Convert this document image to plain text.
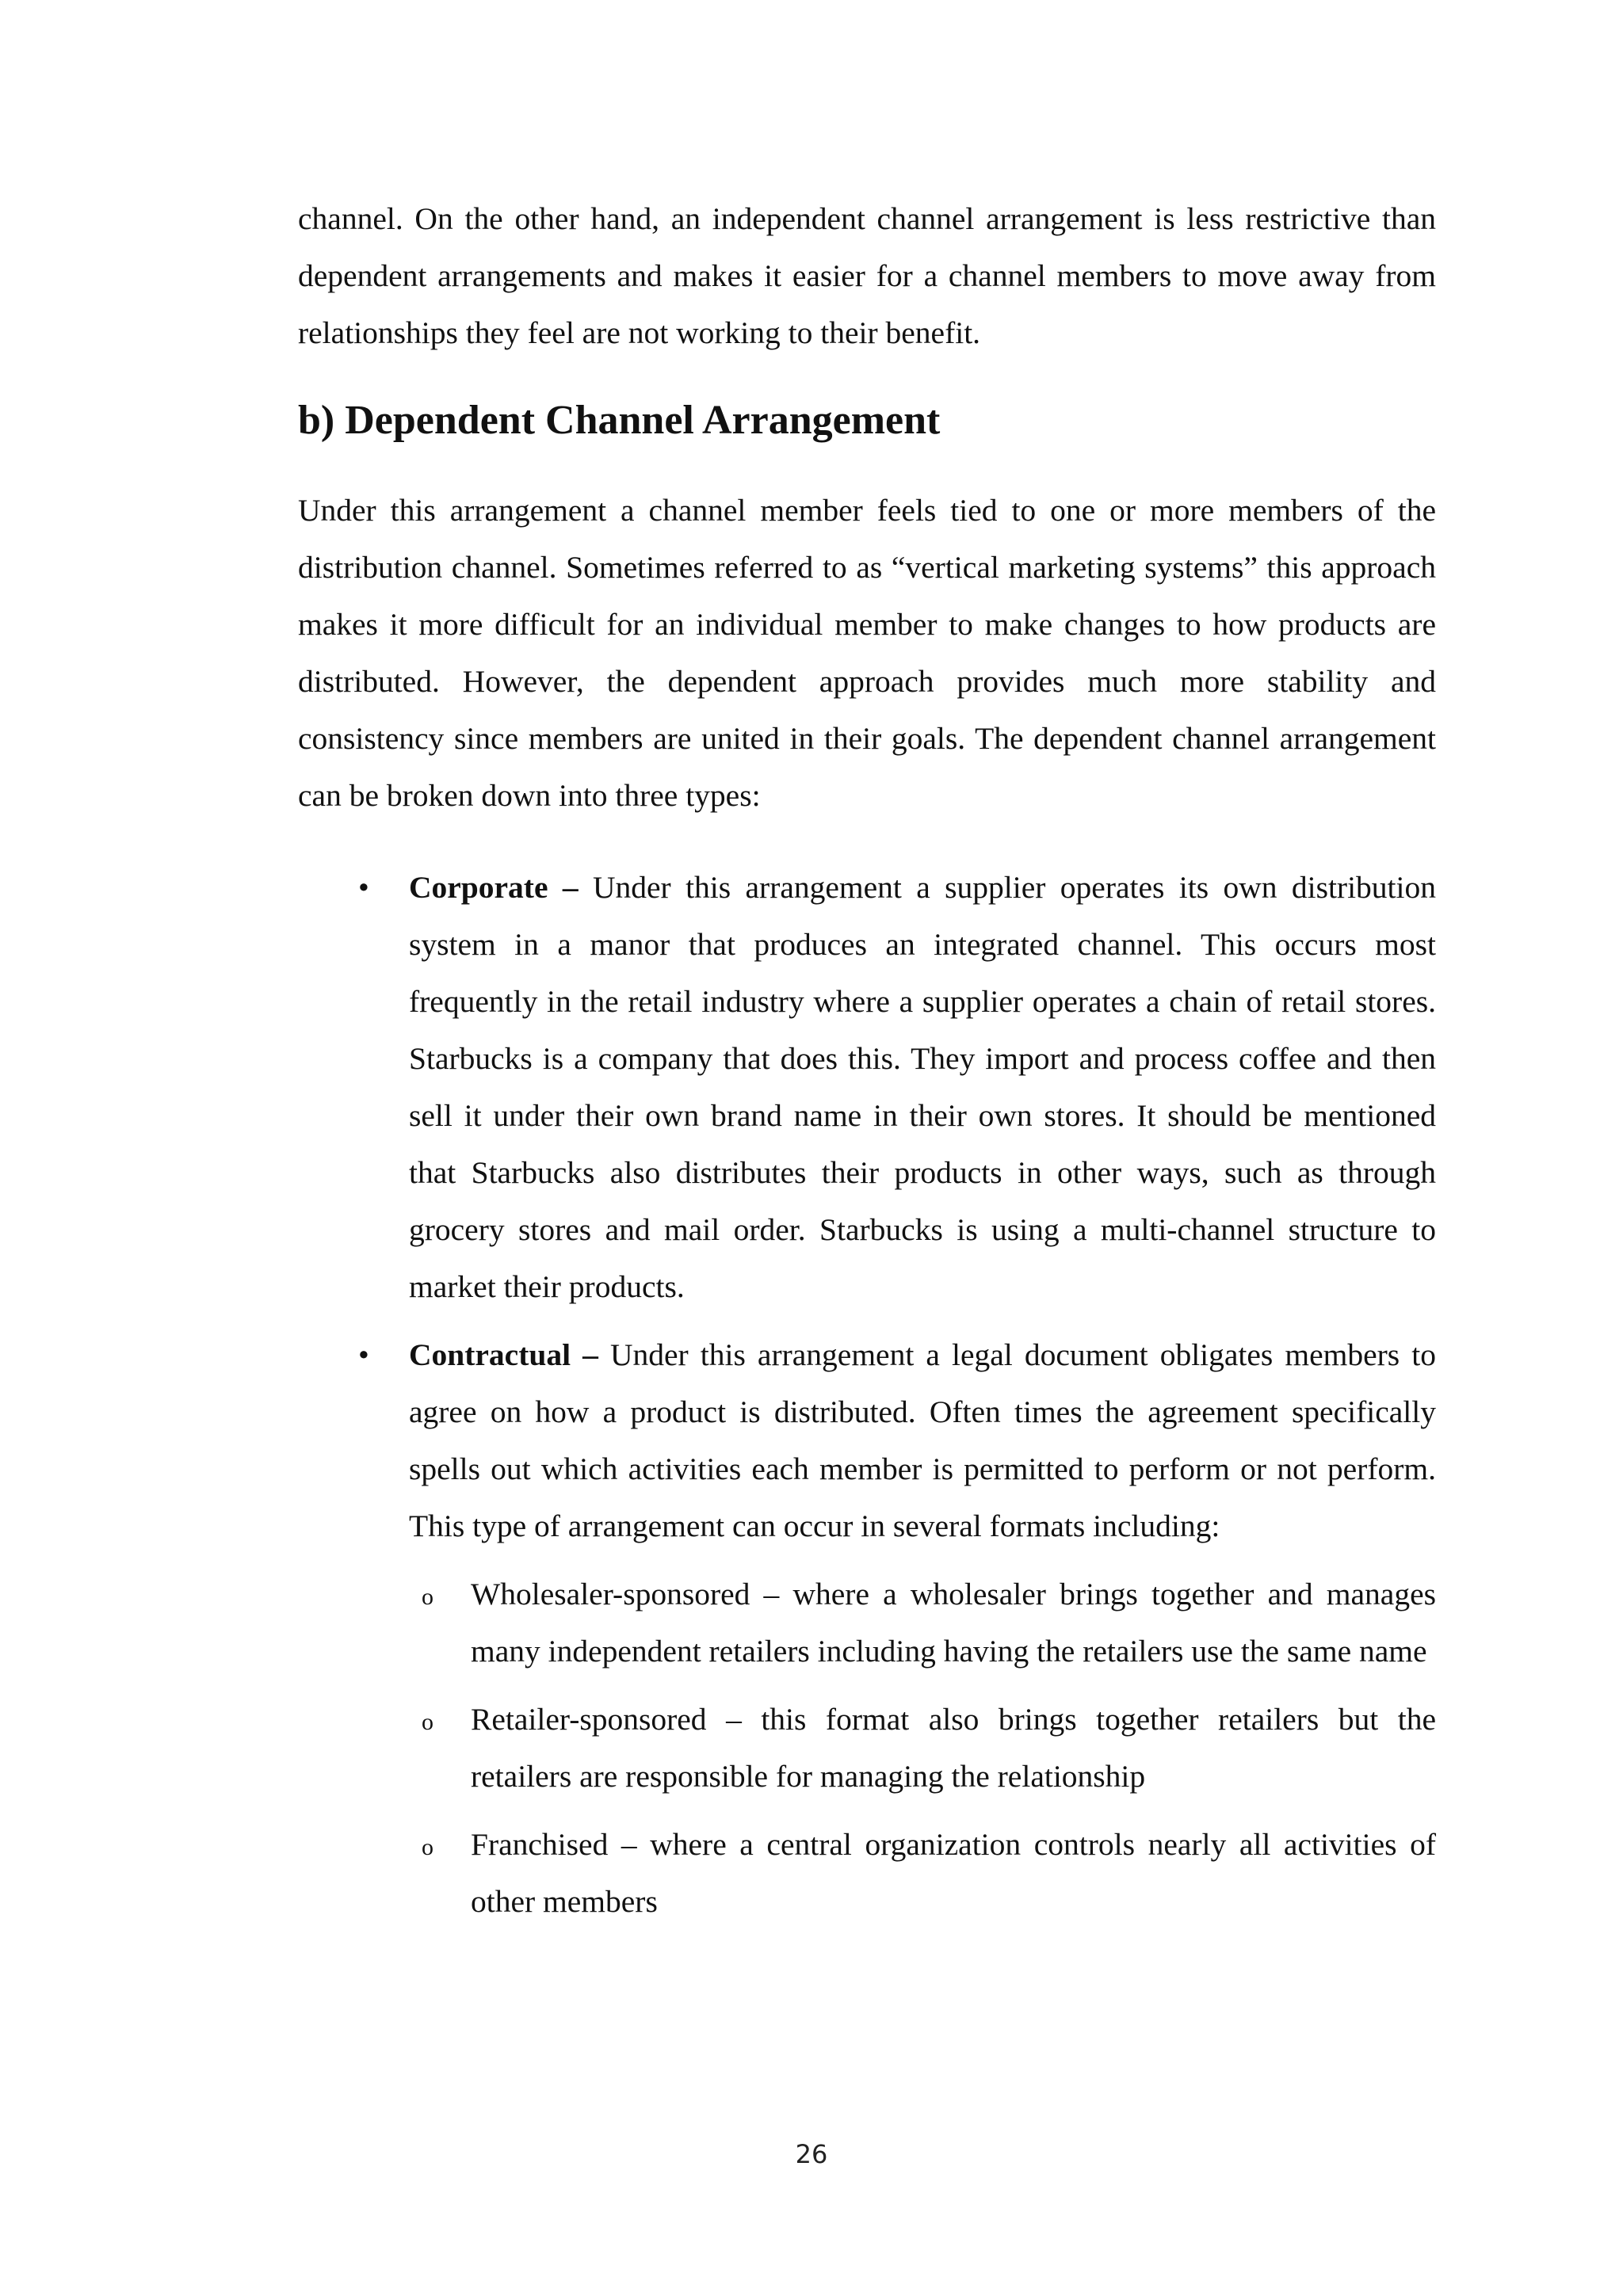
channel. On the other hand, an independent channel arrangement is less restrictive than dependent arrangements and makes it easier for a channel members to move away from relationships they feel are not working to their benefit.

b) Dependent Channel Arrangement

Under this arrangement a channel member feels tied to one or more members of the distribution channel. Sometimes referred to as “vertical marketing systems” this approach makes it more difficult for an individual member to make changes to how products are distributed. However, the dependent approach provides much more stability and consistency since members are united in their goals. The dependent channel arrangement can be broken down into three types:

• Corporate – Under this arrangement a supplier operates its own distribution system in a manor that produces an integrated channel. This occurs most frequently in the retail industry where a supplier operates a chain of retail stores. Starbucks is a company that does this. They import and process coffee and then sell it under their own brand name in their own stores. It should be mentioned that Starbucks also distributes their products in other ways, such as through grocery stores and mail order. Starbucks is using a multi-channel structure to market their products.

• Contractual – Under this arrangement a legal document obligates members to agree on how a product is distributed. Often times the agreement specifically spells out which activities each member is permitted to perform or not perform. This type of arrangement can occur in several formats including:

o Wholesaler-sponsored – where a wholesaler brings together and manages many independent retailers including having the retailers use the same name

o Retailer-sponsored – this format also brings together retailers but the retailers are responsible for managing the relationship

o Franchised – where a central organization controls nearly all activities of other members

26
